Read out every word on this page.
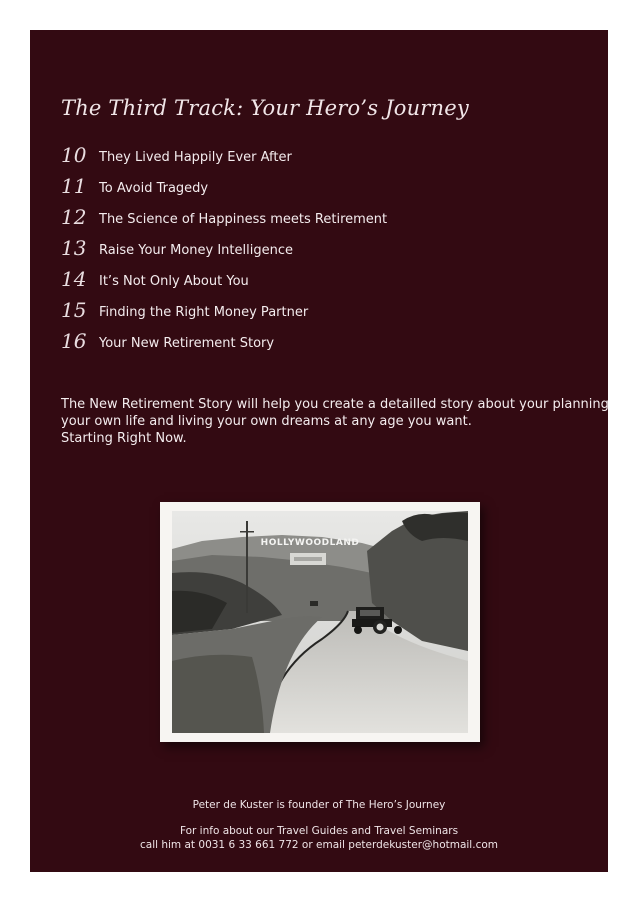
The Third Track: Your Hero’s Journey
10 They Lived Happily Ever After
11 To Avoid Tragedy
12 The Science of Happiness meets Retirement
13 Raise Your Money Intelligence
14 It’s Not Only About You
15 Finding the Right Money Partner
16 Your New Retirement Story

The New Retirement Story will help you create a detailled story about your planning
your own life and living your own dreams at any age you want.
Starting Right Now.

HOLLYWOODLAND

Peter de Kuster is founder of The Hero’s Journey

For info about our Travel Guides and Travel Seminars

call him at 0031 6 33 661 772 or email peterdekuster@hotmail.com
